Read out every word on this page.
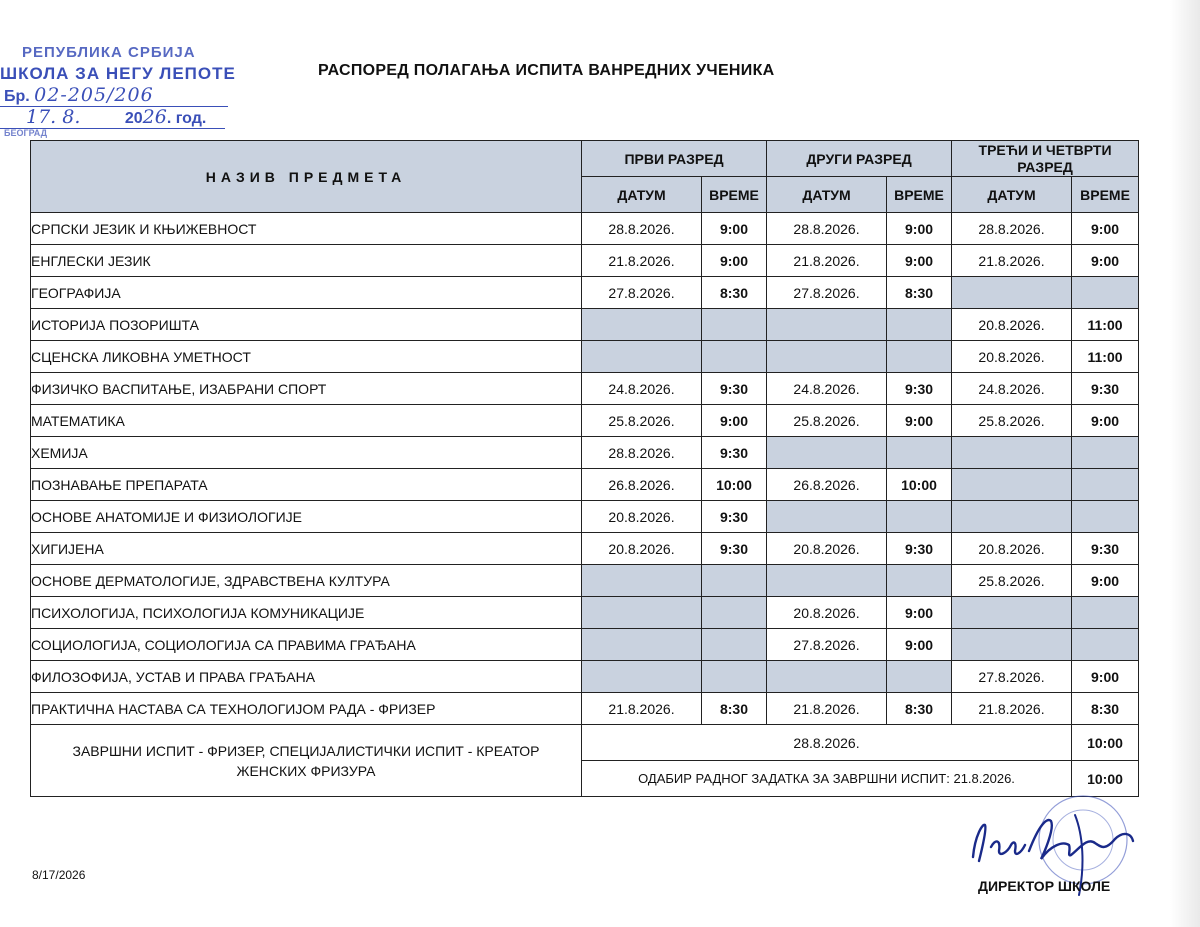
РЕПУБЛИКА СРБИЈА
ШКОЛА ЗА НЕГУ ЛЕПОТЕ
Бр. 02-205/206
17. 8.	2026. год.
БЕОГРАД
РАСПОРЕД ПОЛАГАЊА ИСПИТА ВАНРЕДНИХ УЧЕНИКА
НАЗИВ ПРЕДМЕТА	ПРВИ РАЗРЕД		ДРУГИ РАЗРЕД		ТРЕЋИ И ЧЕТВРТИ РАЗРЕД	
	ДАТУМ	ВРЕМЕ	ДАТУМ	ВРЕМЕ	ДАТУМ	ВРЕМЕ
СРПСКИ ЈЕЗИК И КЊИЖЕВНОСТ	28.8.2026.	9:00	28.8.2026.	9:00	28.8.2026.	9:00
ЕНГЛЕСКИ ЈЕЗИК	21.8.2026.	9:00	21.8.2026.	9:00	21.8.2026.	9:00
ГЕОГРАФИЈА	27.8.2026.	8:30	27.8.2026.	8:30		
ИСТОРИЈА ПОЗОРИШТА					20.8.2026.	11:00
СЦЕНСКА ЛИКОВНА УМЕТНОСТ					20.8.2026.	11:00
ФИЗИЧКО ВАСПИТАЊЕ, ИЗАБРАНИ СПОРТ	24.8.2026.	9:30	24.8.2026.	9:30	24.8.2026.	9:30
МАТЕМАТИКА	25.8.2026.	9:00	25.8.2026.	9:00	25.8.2026.	9:00
ХЕМИЈА	28.8.2026.	9:30				
ПОЗНАВАЊЕ ПРЕПАРАТА	26.8.2026.	10:00	26.8.2026.	10:00		
ОСНОВЕ АНАТОМИЈЕ И ФИЗИОЛОГИЈЕ	20.8.2026.	9:30				
ХИГИЈЕНА	20.8.2026.	9:30	20.8.2026.	9:30	20.8.2026.	9:30
ОСНОВЕ ДЕРМАТОЛОГИЈЕ, ЗДРАВСТВЕНА КУЛТУРА					25.8.2026.	9:00
ПСИХОЛОГИЈА, ПСИХОЛОГИЈА КОМУНИКАЦИЈЕ			20.8.2026.	9:00		
СОЦИОЛОГИЈА, СОЦИОЛОГИЈА СА ПРАВИМА ГРАЂАНА			27.8.2026.	9:00		
ФИЛОЗОФИЈА, УСТАВ И ПРАВА ГРАЂАНА					27.8.2026.	9:00
ПРАКТИЧНА НАСТАВА СА ТЕХНОЛОГИЈОМ РАДА - ФРИЗЕР	21.8.2026.	8:30	21.8.2026.	8:30	21.8.2026.	8:30
ЗАВРШНИ ИСПИТ - ФРИЗЕР, СПЕЦИЈАЛИСТИЧКИ ИСПИТ - КРЕАТОР ЖЕНСКИХ ФРИЗУРА	28.8.2026.					10:00
	ОДАБИР РАДНОГ ЗАДАТКА ЗА ЗАВРШНИ ИСПИТ: 21.8.2026.					10:00
8/17/2026
ДИРЕКТОР ШКОЛЕ
